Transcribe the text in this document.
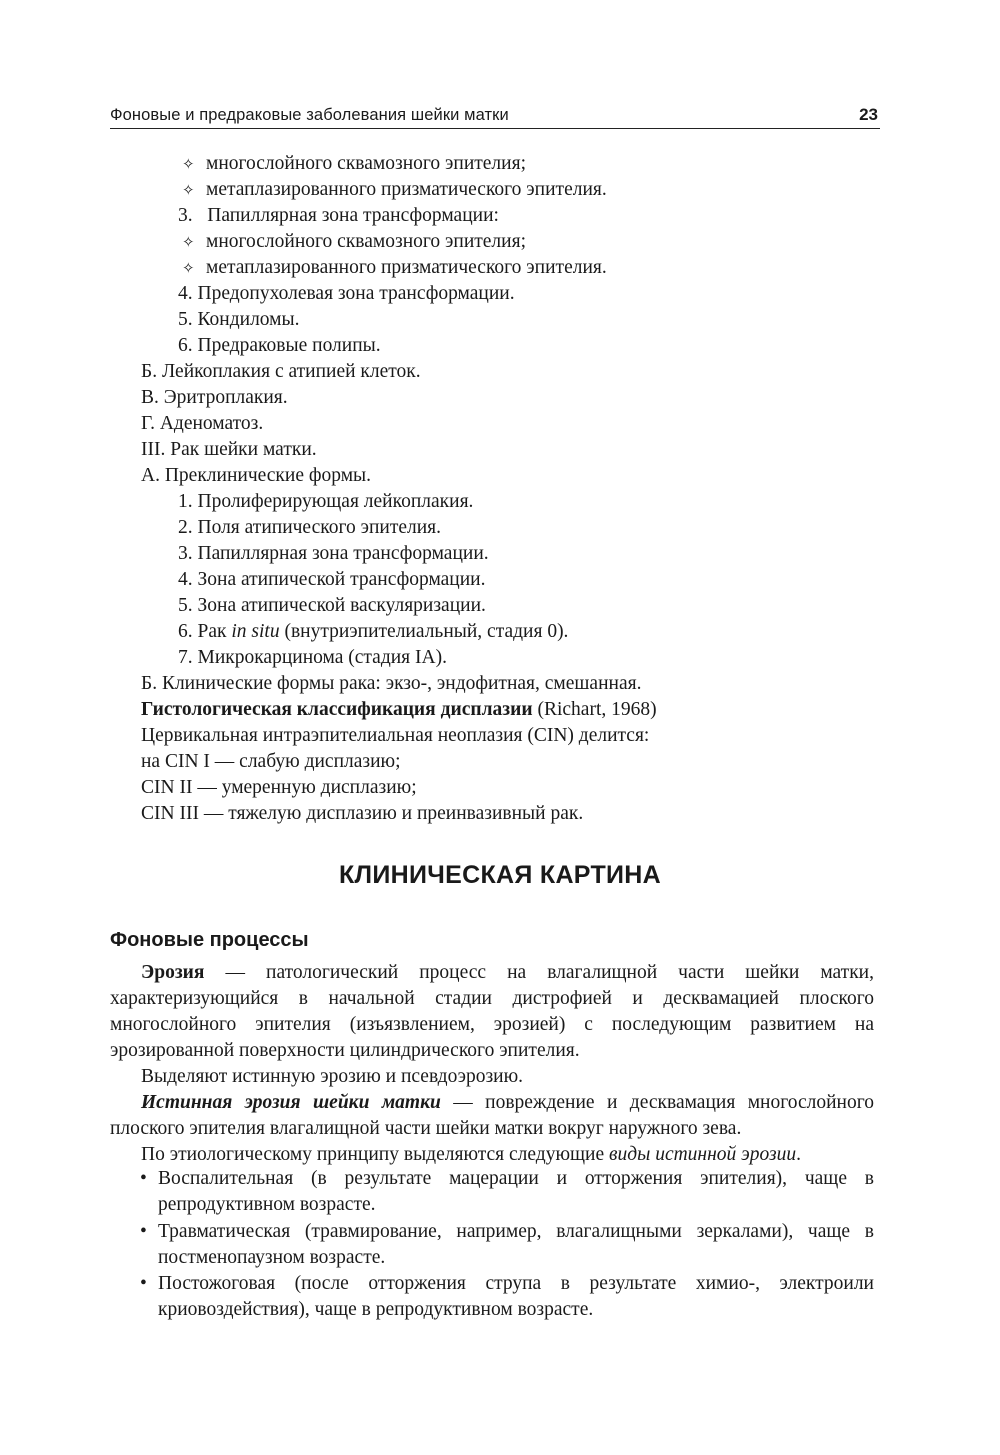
Фоновые и предраковые заболевания шейки матки	23
✧ многослойного сквамозного эпителия;
✧ метаплазированного призматического эпителия.
3.   Папиллярная зона трансформации:
✧ многослойного сквамозного эпителия;
✧ метаплазированного призматического эпителия.
4. Предопухолевая зона трансформации.
5. Кондиломы.
6. Предраковые полипы.
Б. Лейкоплакия с атипией клеток.
В. Эритроплакия.
Г. Аденоматоз.
III. Рак шейки матки.
А. Преклинические формы.
1. Пролиферирующая лейкоплакия.
2. Поля атипического эпителия.
3. Папиллярная зона трансформации.
4. Зона атипической трансформации.
5. Зона атипической васкуляризации.
6. Рак in situ (внутриэпителиальный, стадия 0).
7. Микрокарцинома (стадия IA).
Б. Клинические формы рака: экзо-, эндофитная, смешанная.
Гистологическая классификация дисплазии (Richart, 1968)
Цервикальная интраэпителиальная неоплазия (CIN) делится:
на CIN I — слабую дисплазию;
CIN II — умеренную дисплазию;
CIN III — тяжелую дисплазию и преинвазивный рак.
КЛИНИЧЕСКАЯ КАРТИНА
Фоновые процессы
Эрозия — патологический процесс на влагалищной части шейки матки, характеризующийся в начальной стадии дистрофией и десквамацией плоского многослойного эпителия (изъязвлением, эрозией) с последующим развитием на эрозированной поверхности цилиндрического эпителия.
Выделяют истинную эрозию и псевдоэрозию.
Истинная эрозия шейки матки — повреждение и десквамация многослойного плоского эпителия влагалищной части шейки матки вокруг наружного зева.
По этиологическому принципу выделяются следующие виды истинной эрозии.
• Воспалительная (в результате мацерации и отторжения эпителия), чаще в репродуктивном возрасте.
• Травматическая (травмирование, например, влагалищными зеркалами), чаще в постменопаузном возрасте.
• Постожоговая (после отторжения струпа в результате химио-, электроили криовоздействия), чаще в репродуктивном возрасте.
